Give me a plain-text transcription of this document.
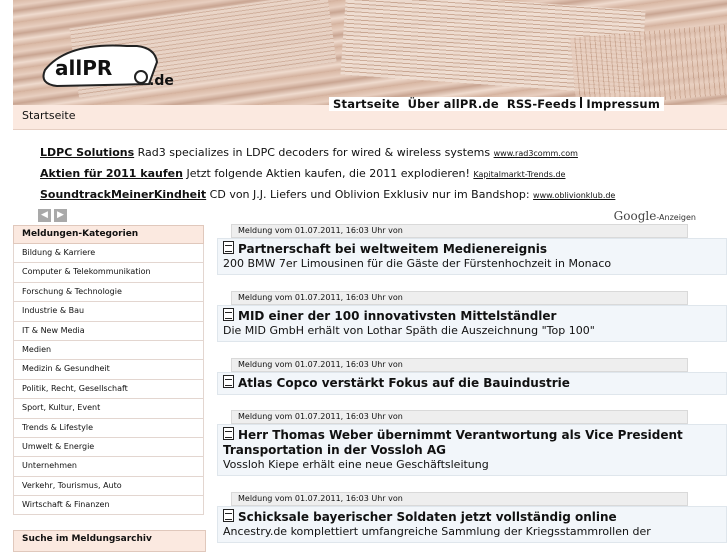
allPR
.de
Startseite Über allPR.de RSS-Feeds Impressum
Startseite
LDPC Solutions Rad3 specializes in LDPC decoders for wired & wireless systems www.rad3comm.com
Aktien für 2011 kaufen Jetzt folgende Aktien kaufen, die 2011 explodieren! Kapitalmarkt-Trends.de
SoundtrackMeinerKindheit CD von J.J. Liefers und Oblivion Exklusiv nur im Bandshop: www.oblivionklub.de
◀	▶	Google-Anzeigen
Meldungen-Kategorien
Bildung & Karriere
Computer & Telekommunikation
Forschung & Technologie
Industrie & Bau
IT & New Media
Medien
Medizin & Gesundheit
Politik, Recht, Gesellschaft
Sport, Kultur, Event
Trends & Lifestyle
Umwelt & Energie
Unternehmen
Verkehr, Tourismus, Auto
Wirtschaft & Finanzen
Suche im Meldungsarchiv
Meldung vom 01.07.2011, 16:03 Uhr von
Partnerschaft bei weltweitem Medienereignis
200 BMW 7er Limousinen für die Gäste der Fürstenhochzeit in Monaco
Meldung vom 01.07.2011, 16:03 Uhr von
MID einer der 100 innovativsten Mittelständler
Die MID GmbH erhält von Lothar Späth die Auszeichnung "Top 100"
Meldung vom 01.07.2011, 16:03 Uhr von
Atlas Copco verstärkt Fokus auf die Bauindustrie
Meldung vom 01.07.2011, 16:03 Uhr von
Herr Thomas Weber übernimmt Verantwortung als Vice President Transportation in der Vossloh AG
Vossloh Kiepe erhält eine neue Geschäftsleitung
Meldung vom 01.07.2011, 16:03 Uhr von
Schicksale bayerischer Soldaten jetzt vollständig online
Ancestry.de komplettiert umfangreiche Sammlung der Kriegsstammrollen der
